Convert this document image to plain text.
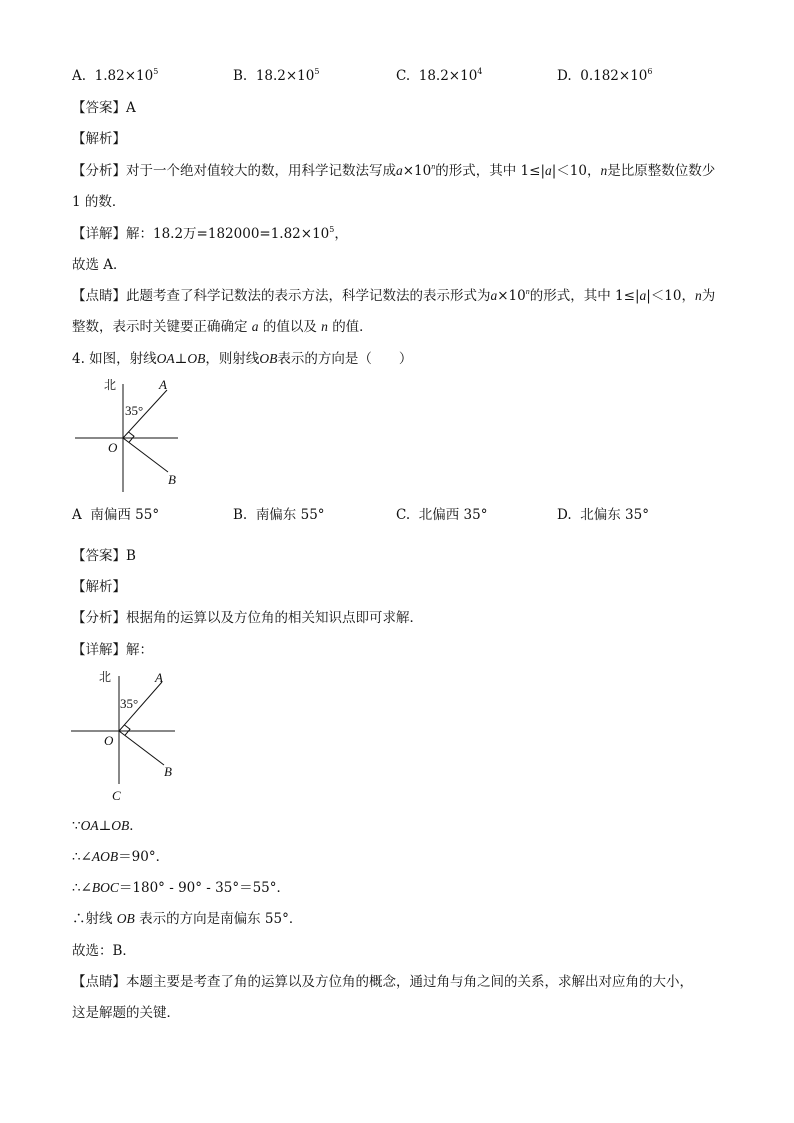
A. $1.82\times 10^5$	B. $18.2\times 10^5$	C. $18.2\times 10^4$	D. $0.182\times 10^6$
【答案】A
【解析】
【分析】对于一个绝对值较大的数，用科学记数法写成$a\times 10^n$的形式，其中 1≤|a|＜10，n是比原整数位数少
1 的数．
【详解】解：18.2万$=182000=1.82\times 10^5$，
故选 A．
【点睛】此题考查了科学记数法的表示方法，科学记数法的表示形式为$a\times 10^n$的形式，其中 1≤|a|＜10，n为
整数，表示时关键要正确确定 a 的值以及 n 的值．
4. 如图，射线OA⊥OB，则射线OB表示的方向是（　　）
北	A
35°
O
B
A 南偏西 55°	B. 南偏东 55°	C. 北偏西 35°	D. 北偏东 35°
【答案】B
【解析】
【分析】根据角的运算以及方位角的相关知识点即可求解．
【详解】解：
北	A
35°
O
B
C
∵OA⊥OB．
∴∠AOB＝90°．
∴∠BOC＝180° - 90° - 35°＝55°．
∴射线 OB 表示的方向是南偏东 55°．
故选：B．
【点睛】本题主要是考查了角的运算以及方位角的概念，通过角与角之间的关系，求解出对应角的大小，
这是解题的关键．
